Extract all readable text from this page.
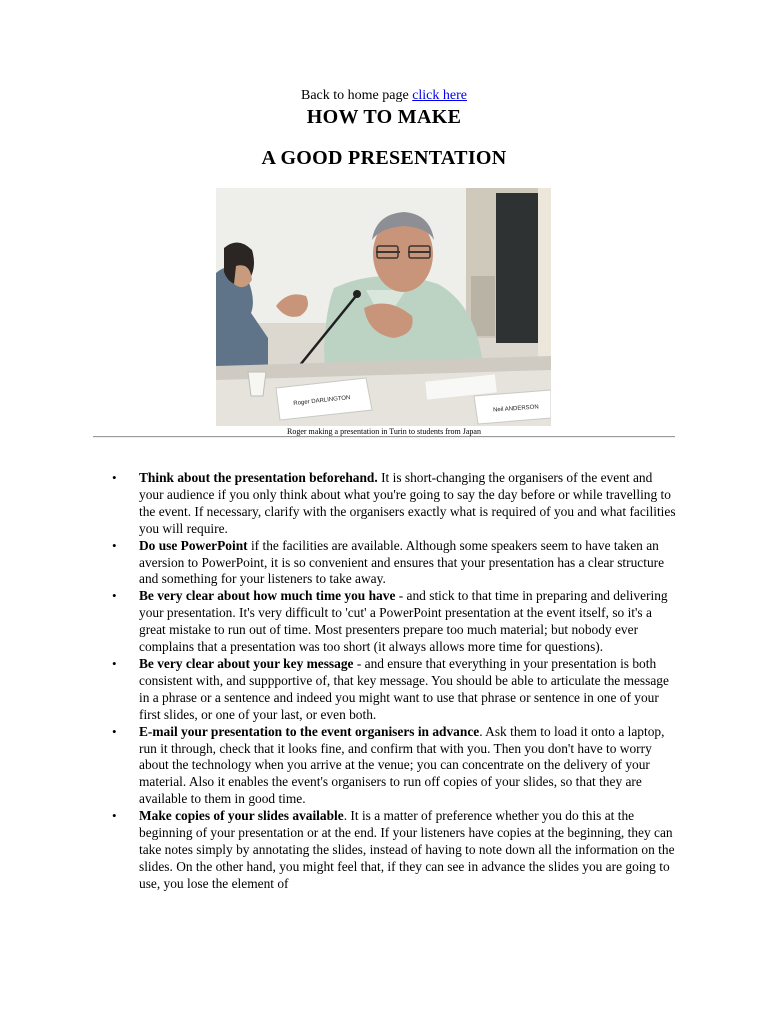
Back to home page click here
HOW TO MAKE
A GOOD PRESENTATION
Roger DARLINGTON
Neil ANDERSON
Roger making a presentation in Turin to students from Japan
• Think about the presentation beforehand. It is short-changing the organisers of the event and your audience if you only think about what you're going to say the day before or while travelling to the event. If necessary, clarify with the organisers exactly what is required of you and what facilities you will require.
• Do use PowerPoint if the facilities are available. Although some speakers seem to have taken an aversion to PowerPoint, it is so convenient and ensures that your presentation has a clear structure and something for your listeners to take away.
• Be very clear about how much time you have - and stick to that time in preparing and delivering your presentation. It's very difficult to 'cut' a PowerPoint presentation at the event itself, so it's a great mistake to run out of time. Most presenters prepare too much material; but nobody ever complains that a presentation was too short (it always allows more time for questions).
• Be very clear about your key message - and ensure that everything in your presentation is both consistent with, and suppportive of, that key message. You should be able to articulate the message in a phrase or a sentence and indeed you might want to use that phrase or sentence in one of your first slides, or one of your last, or even both.
• E-mail your presentation to the event organisers in advance. Ask them to load it onto a laptop, run it through, check that it looks fine, and confirm that with you. Then you don't have to worry about the technology when you arrive at the venue; you can concentrate on the delivery of your material. Also it enables the event's organisers to run off copies of your slides, so that they are available to them in good time.
• Make copies of your slides available. It is a matter of preference whether you do this at the beginning of your presentation or at the end. If your listeners have copies at the beginning, they can take notes simply by annotating the slides, instead of having to note down all the information on the slides. On the other hand, you might feel that, if they can see in advance the slides you are going to use, you lose the element of
